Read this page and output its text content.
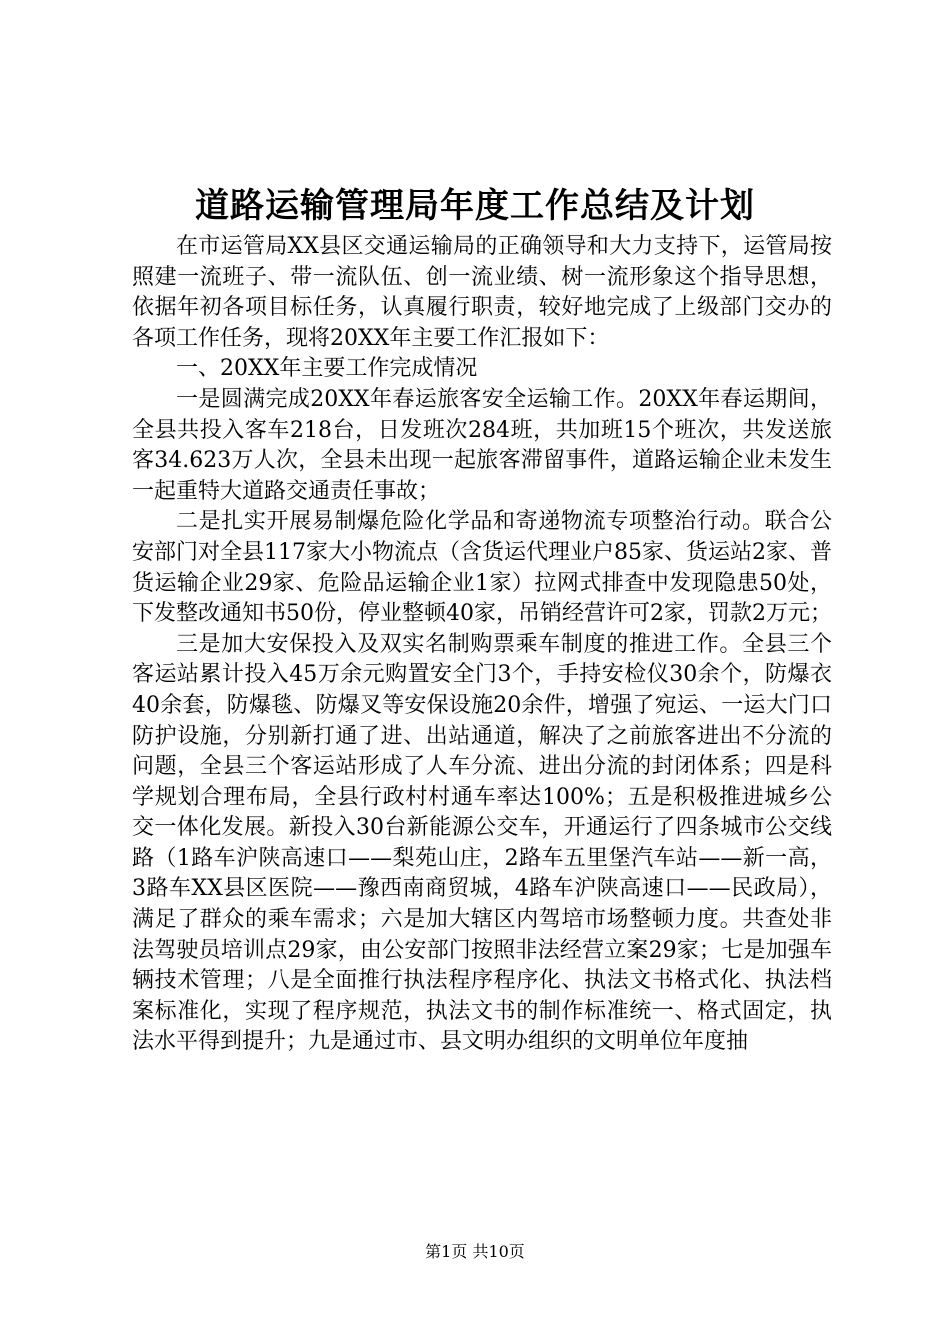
道路运输管理局年度工作总结及计划

在市运管局XX县区交通运输局的正确领导和大力支持下，运管局按照建一流班子、带一流队伍、创一流业绩、树一流形象这个指导思想，依据年初各项目标任务，认真履行职责，较好地完成了上级部门交办的各项工作任务，现将20XX年主要工作汇报如下：

一、20XX年主要工作完成情况

一是圆满完成20XX年春运旅客安全运输工作。20XX年春运期间，全县共投入客车218台，日发班次284班，共加班15个班次，共发送旅客34.623万人次，全县未出现一起旅客滞留事件，道路运输企业未发生一起重特大道路交通责任事故；

二是扎实开展易制爆危险化学品和寄递物流专项整治行动。联合公安部门对全县117家大小物流点（含货运代理业户85家、货运站2家、普货运输企业29家、危险品运输企业1家）拉网式排查中发现隐患50处，下发整改通知书50份，停业整顿40家，吊销经营许可2家，罚款2万元；

三是加大安保投入及双实名制购票乘车制度的推进工作。全县三个客运站累计投入45万余元购置安全门3个，手持安检仪30余个，防爆衣40余套，防爆毯、防爆叉等安保设施20余件，增强了宛运、一运大门口防护设施，分别新打通了进、出站通道，解决了之前旅客进出不分流的问题，全县三个客运站形成了人车分流、进出分流的封闭体系；四是科学规划合理布局，全县行政村村通车率达100%；五是积极推进城乡公交一体化发展。新投入30台新能源公交车，开通运行了四条城市公交线路（1路车沪陕高速口——梨苑山庄，2路车五里堡汽车站——新一高，3路车XX县区医院——豫西南商贸城，4路车沪陕高速口——民政局），满足了群众的乘车需求；六是加大辖区内驾培市场整顿力度。共查处非法驾驶员培训点29家，由公安部门按照非法经营立案29家；七是加强车辆技术管理；八是全面推行执法程序程序化、执法文书格式化、执法档案标准化，实现了程序规范，执法文书的制作标准统一、格式固定，执法水平得到提升；九是通过市、县文明办组织的文明单位年度抽

第1页 共10页
